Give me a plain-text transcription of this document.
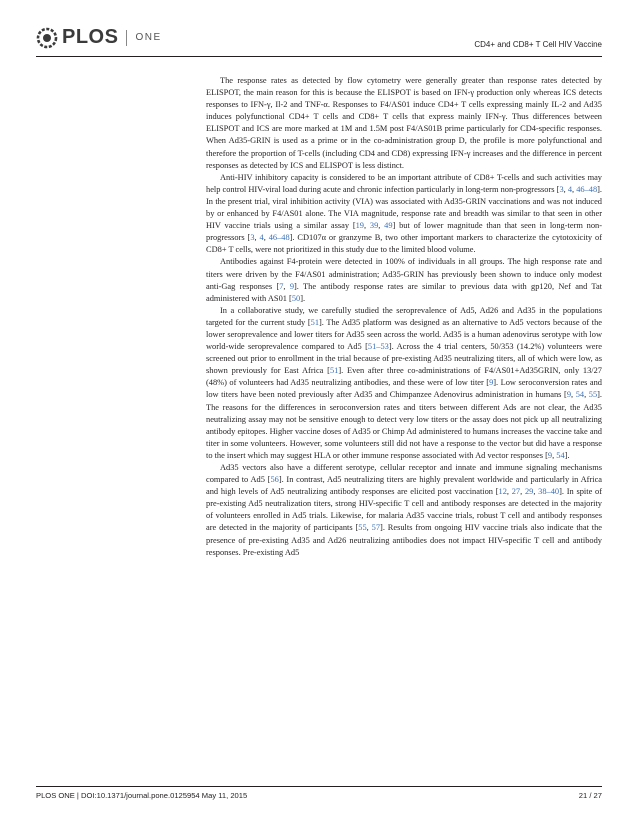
PLOS ONE
CD4+ and CD8+ T Cell HIV Vaccine

The response rates as detected by flow cytometry were generally greater than response rates detected by ELISPOT, the main reason for this is because the ELISPOT is based on IFN-γ production only whereas ICS detects responses to IFN-γ, Il-2 and TNF-α. Responses to F4/AS01 induce CD4+ T cells expressing mainly IL-2 and Ad35 induces polyfunctional CD4+ T cells and CD8+ T cells that express mainly IFN-γ. Thus differences between ELISPOT and ICS are more marked at 1M and 1.5M post F4/AS01B prime particularly for CD4-specific responses. When Ad35-GRIN is used as a prime or in the co-administration group D, the profile is more polyfunctional and therefore the proportion of T-cells (including CD4 and CD8) expressing IFN-γ increases and the difference in percent responses as detected by ICS and ELISPOT is less distinct.

Anti-HIV inhibitory capacity is considered to be an important attribute of CD8+ T-cells and such activities may help control HIV-viral load during acute and chronic infection particularly in long-term non-progressors [3, 4, 46–48]. In the present trial, viral inhibition activity (VIA) was associated with Ad35-GRIN vaccinations and was not induced by or enhanced by F4/AS01 alone. The VIA magnitude, response rate and breadth was similar to that seen in other HIV vaccine trials using a similar assay [19, 39, 49] but of lower magnitude than that seen in long-term non-progressors [3, 4, 46–48]. CD107α or granzyme B, two other important markers to characterize the cytotoxicity of CD8+ T cells, were not prioritized in this study due to the limited blood volume.

Antibodies against F4-protein were detected in 100% of individuals in all groups. The high response rate and titers were driven by the F4/AS01 administration; Ad35-GRIN has previously been shown to induce only modest anti-Gag responses [7, 9]. The antibody response rates are similar to previous data with gp120, Nef and Tat administered with AS01 [50].

In a collaborative study, we carefully studied the seroprevalence of Ad5, Ad26 and Ad35 in the populations targeted for the current study [51]. The Ad35 platform was designed as an alternative to Ad5 vectors because of the lower seroprevalence and lower titers for Ad35 seen across the world. Ad35 is a human adenovirus serotype with low world-wide seroprevalence compared to Ad5 [51–53]. Across the 4 trial centers, 50/353 (14.2%) volunteers were screened out prior to enrollment in the trial because of pre-existing Ad35 neutralizing titers, all of which were low, as shown previously for East Africa [51]. Even after three co-administrations of F4/AS01+Ad35GRIN, only 13/27 (48%) of volunteers had Ad35 neutralizing antibodies, and these were of low titer [9]. Low seroconversion rates and low titers have been noted previously after Ad35 and Chimpanzee Adenovirus administration in humans [9, 54, 55]. The reasons for the differences in seroconversion rates and titers between different Ads are not clear, the Ad35 neutralizing assay may not be sensitive enough to detect very low titers or the assay does not pick up all neutralizing antibody epitopes. Higher vaccine doses of Ad35 or Chimp Ad administered to humans increases the vaccine take and titer in some volunteers. However, some volunteers still did not have a response to the vector but did have a response to the insert which may suggest HLA or other immune response associated with Ad vector responses [9, 54].

Ad35 vectors also have a different serotype, cellular receptor and innate and immune signaling mechanisms compared to Ad5 [56]. In contrast, Ad5 neutralizing titers are highly prevalent worldwide and particularly in Africa and high levels of Ad5 neutralizing antibody responses are elicited post vaccination [12, 27, 29, 38–40]. In spite of pre-existing Ad5 neutralization titers, strong HIV-specific T cell and antibody responses are detected in the majority of volunteers enrolled in Ad5 trials. Likewise, for malaria Ad35 vaccine trials, robust T cell and antibody responses are detected in the majority of participants [55, 57]. Results from ongoing HIV vaccine trials also indicate that the presence of pre-existing Ad35 and Ad26 neutralizing antibodies does not impact HIV-specific T cell and antibody responses. Pre-existing Ad5

PLOS ONE | DOI:10.1371/journal.pone.0125954 May 11, 2015	21 / 27
